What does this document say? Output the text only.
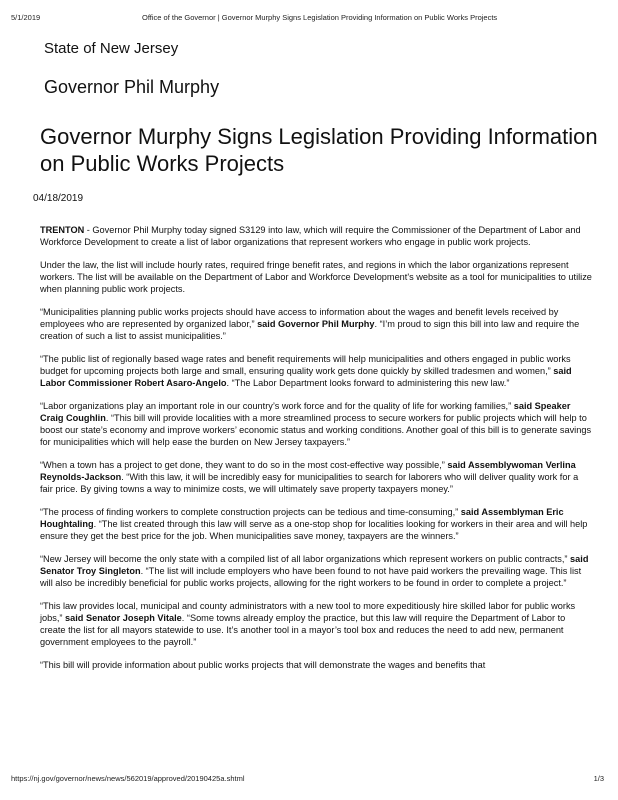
5/1/2019	Office of the Governor | Governor Murphy Signs Legislation Providing Information on Public Works Projects
State of New Jersey
Governor Phil Murphy
Governor Murphy Signs Legislation Providing Information on Public Works Projects
04/18/2019

TRENTON - Governor Phil Murphy today signed S3129 into law, which will require the Commissioner of the Department of Labor and Workforce Development to create a list of labor organizations that represent workers who engage in public work projects.

Under the law, the list will include hourly rates, required fringe benefit rates, and regions in which the labor organizations represent workers. The list will be available on the Department of Labor and Workforce Development's website as a tool for municipalities to utilize when planning public work projects.

“Municipalities planning public works projects should have access to information about the wages and benefit levels received by employees who are represented by organized labor,” said Governor Phil Murphy. “I’m proud to sign this bill into law and require the creation of such a list to assist municipalities.”

“The public list of regionally based wage rates and benefit requirements will help municipalities and others engaged in public works budget for upcoming projects both large and small, ensuring quality work gets done quickly by skilled tradesmen and women,” said Labor Commissioner Robert Asaro-Angelo. “The Labor Department looks forward to administering this new law.”

“Labor organizations play an important role in our country’s work force and for the quality of life for working families,” said Speaker Craig Coughlin. “This bill will provide localities with a more streamlined process to secure workers for public projects which will help to boost our state’s economy and improve workers’ economic status and working conditions. Another goal of this bill is to generate savings for municipalities which will help ease the burden on New Jersey taxpayers.”

“When a town has a project to get done, they want to do so in the most cost-effective way possible,” said Assemblywoman Verlina Reynolds-Jackson. “With this law, it will be incredibly easy for municipalities to search for laborers who will deliver quality work for a fair price. By giving towns a way to minimize costs, we will ultimately save property taxpayers money.”

“The process of finding workers to complete construction projects can be tedious and time-consuming,” said Assemblyman Eric Houghtaling. “The list created through this law will serve as a one-stop shop for localities looking for workers in their area and will help ensure they get the best price for the job. When municipalities save money, taxpayers are the winners.”

“New Jersey will become the only state with a compiled list of all labor organizations which represent workers on public contracts,” said Senator Troy Singleton. “The list will include employers who have been found to not have paid workers the prevailing wage. This list will also be incredibly beneficial for public works projects, allowing for the right workers to be found in order to complete a project.”

“This law provides local, municipal and county administrators with a new tool to more expeditiously hire skilled labor for public works jobs,” said Senator Joseph Vitale. “Some towns already employ the practice, but this law will require the Department of Labor to create the list for all mayors statewide to use. It’s another tool in a mayor’s tool box and reduces the need to add new, permanent government employees to the payroll.”

“This bill will provide information about public works projects that will demonstrate the wages and benefits that

https://nj.gov/governor/news/news/562019/approved/20190425a.shtml	1/3
